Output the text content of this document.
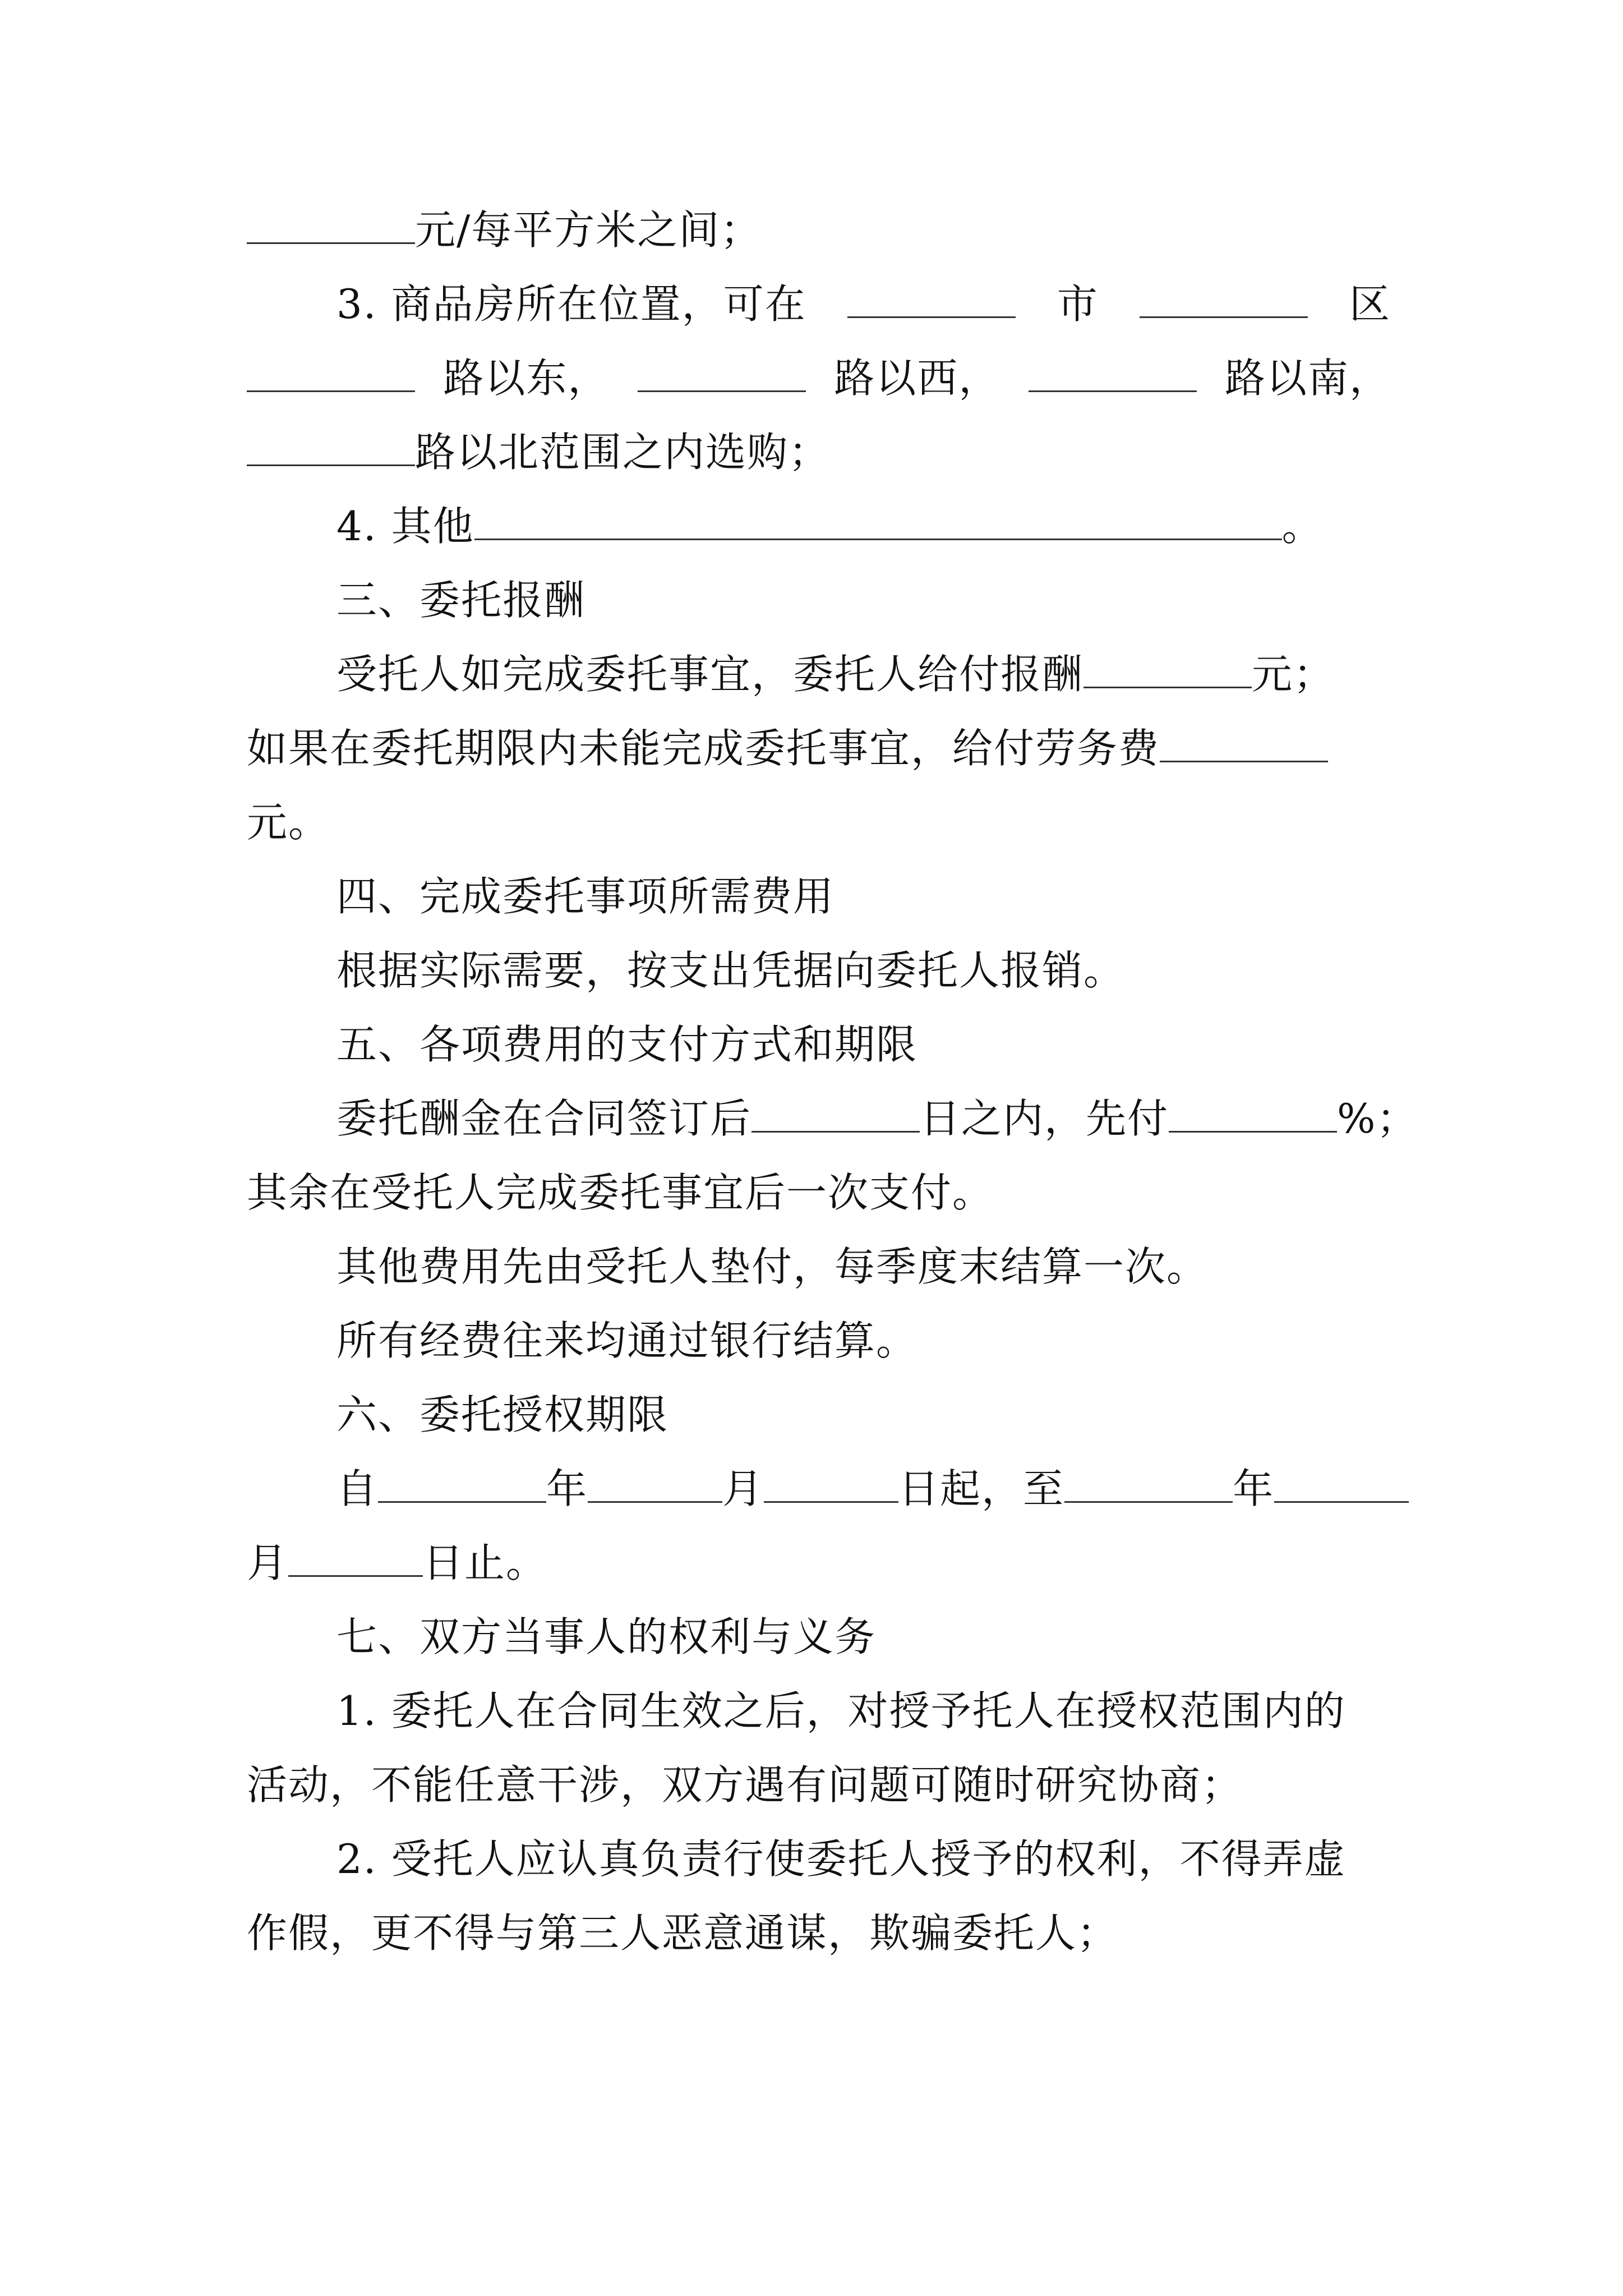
元/每平方米之间；
3. 商品房所在位置，可在	市	区
路以东，	路以西，	路以南，
路以北范围之内选购；
4. 其他	。
三、委托报酬
受托人如完成委托事宜，委托人给付报酬	元；
如果在委托期限内未能完成委托事宜，给付劳务费
元。
四、完成委托事项所需费用
根据实际需要，按支出凭据向委托人报销。
五、各项费用的支付方式和期限
委托酬金在合同签订后	日之内，先付	%；
其余在受托人完成委托事宜后一次支付。
其他费用先由受托人垫付，每季度末结算一次。
所有经费往来均通过银行结算。
六、委托授权期限
自	年	月	日起，至	年
月	日止。
七、双方当事人的权利与义务
1. 委托人在合同生效之后，对授予托人在授权范围内的
活动，不能任意干涉，双方遇有问题可随时研究协商；
2. 受托人应认真负责行使委托人授予的权利，不得弄虚
作假，更不得与第三人恶意通谋，欺骗委托人；
